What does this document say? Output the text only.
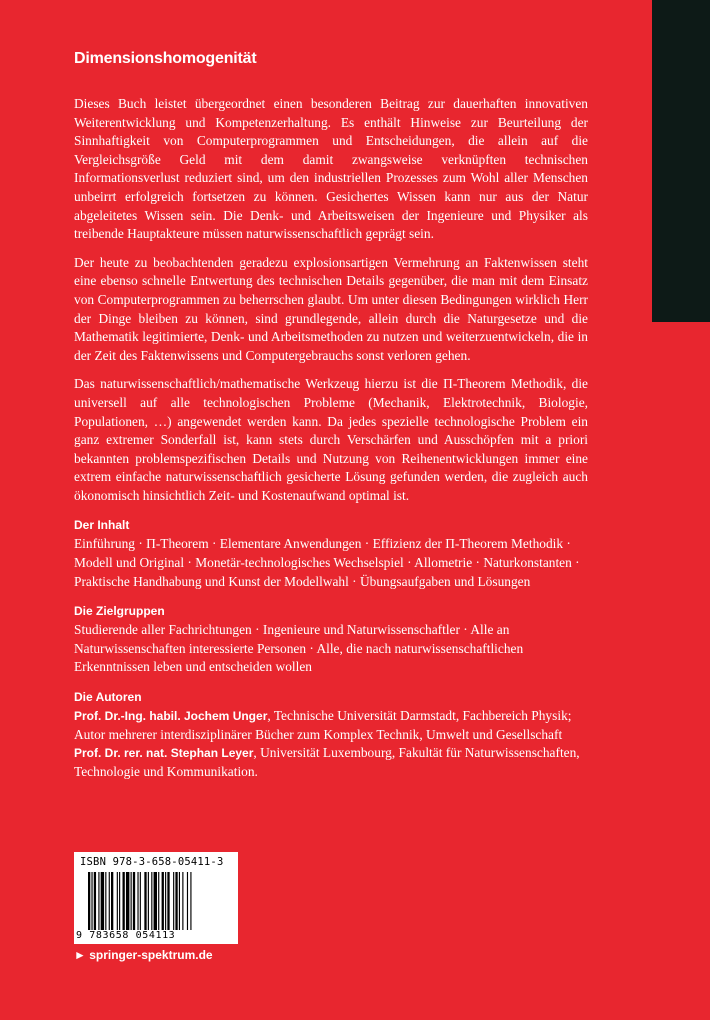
Dimensionshomogenität

Dieses Buch leistet übergeordnet einen besonderen Beitrag zur dauerhaften innovativen Weiterentwicklung und Kompetenzerhaltung. Es enthält Hinweise zur Beurteilung der Sinnhaftigkeit von Computerprogrammen und Entscheidungen, die allein auf die Vergleichsgröße Geld mit dem damit zwangsweise verknüpften technischen Informationsverlust reduziert sind, um den industriellen Prozesses zum Wohl aller Menschen unbeirrt erfolgreich fortsetzen zu können. Gesichertes Wissen kann nur aus der Natur abgeleitetes Wissen sein. Die Denk- und Arbeitsweisen der Ingenieure und Physiker als treibende Hauptakteure müssen naturwissenschaftlich geprägt sein.

Der heute zu beobachtenden geradezu explosionsartigen Vermehrung an Faktenwissen steht eine ebenso schnelle Entwertung des technischen Details gegenüber, die man mit dem Einsatz von Computerprogrammen zu beherrschen glaubt. Um unter diesen Bedingungen wirklich Herr der Dinge bleiben zu können, sind grundlegende, allein durch die Naturgesetze und die Mathematik legitimierte, Denk- und Arbeitsmethoden zu nutzen und weiterzuentwickeln, die in der Zeit des Faktenwissens und Computergebrauchs sonst verloren gehen.

Das naturwissenschaftlich/mathematische Werkzeug hierzu ist die Π-Theorem Methodik, die universell auf alle technologischen Probleme (Mechanik, Elektrotechnik, Biologie, Populationen, …) angewendet werden kann. Da jedes spezielle technologische Problem ein ganz extremer Sonderfall ist, kann stets durch Verschärfen und Ausschöpfen mit a priori bekannten problemspezifischen Details und Nutzung von Reihenentwicklungen immer eine extrem einfache naturwissenschaftlich gesicherte Lösung gefunden werden, die zugleich auch ökonomisch hinsichtlich Zeit- und Kostenaufwand optimal ist.

Der Inhalt

Einführung · Π-Theorem · Elementare Anwendungen · Effizienz der Π-Theorem Methodik · Modell und Original · Monetär-technologisches Wechselspiel · Allometrie · Naturkonstanten · Praktische Handhabung und Kunst der Modellwahl · Übungsaufgaben und Lösungen

Die Zielgruppen

Studierende aller Fachrichtungen · Ingenieure und Naturwissenschaftler · Alle an Naturwissenschaften interessierte Personen · Alle, die nach naturwissenschaftlichen Erkenntnissen leben und entscheiden wollen

Die Autoren

Prof. Dr.-Ing. habil. Jochem Unger, Technische Universität Darmstadt, Fachbereich Physik; Autor mehrerer interdisziplinärer Bücher zum Komplex Technik, Umwelt und Gesellschaft
Prof. Dr. rer. nat. Stephan Leyer, Universität Luxembourg, Fakultät für Naturwissenschaften, Technologie und Kommunikation.

ISBN 978-3-658-05411-3
9 783658 054113
► springer-spektrum.de
